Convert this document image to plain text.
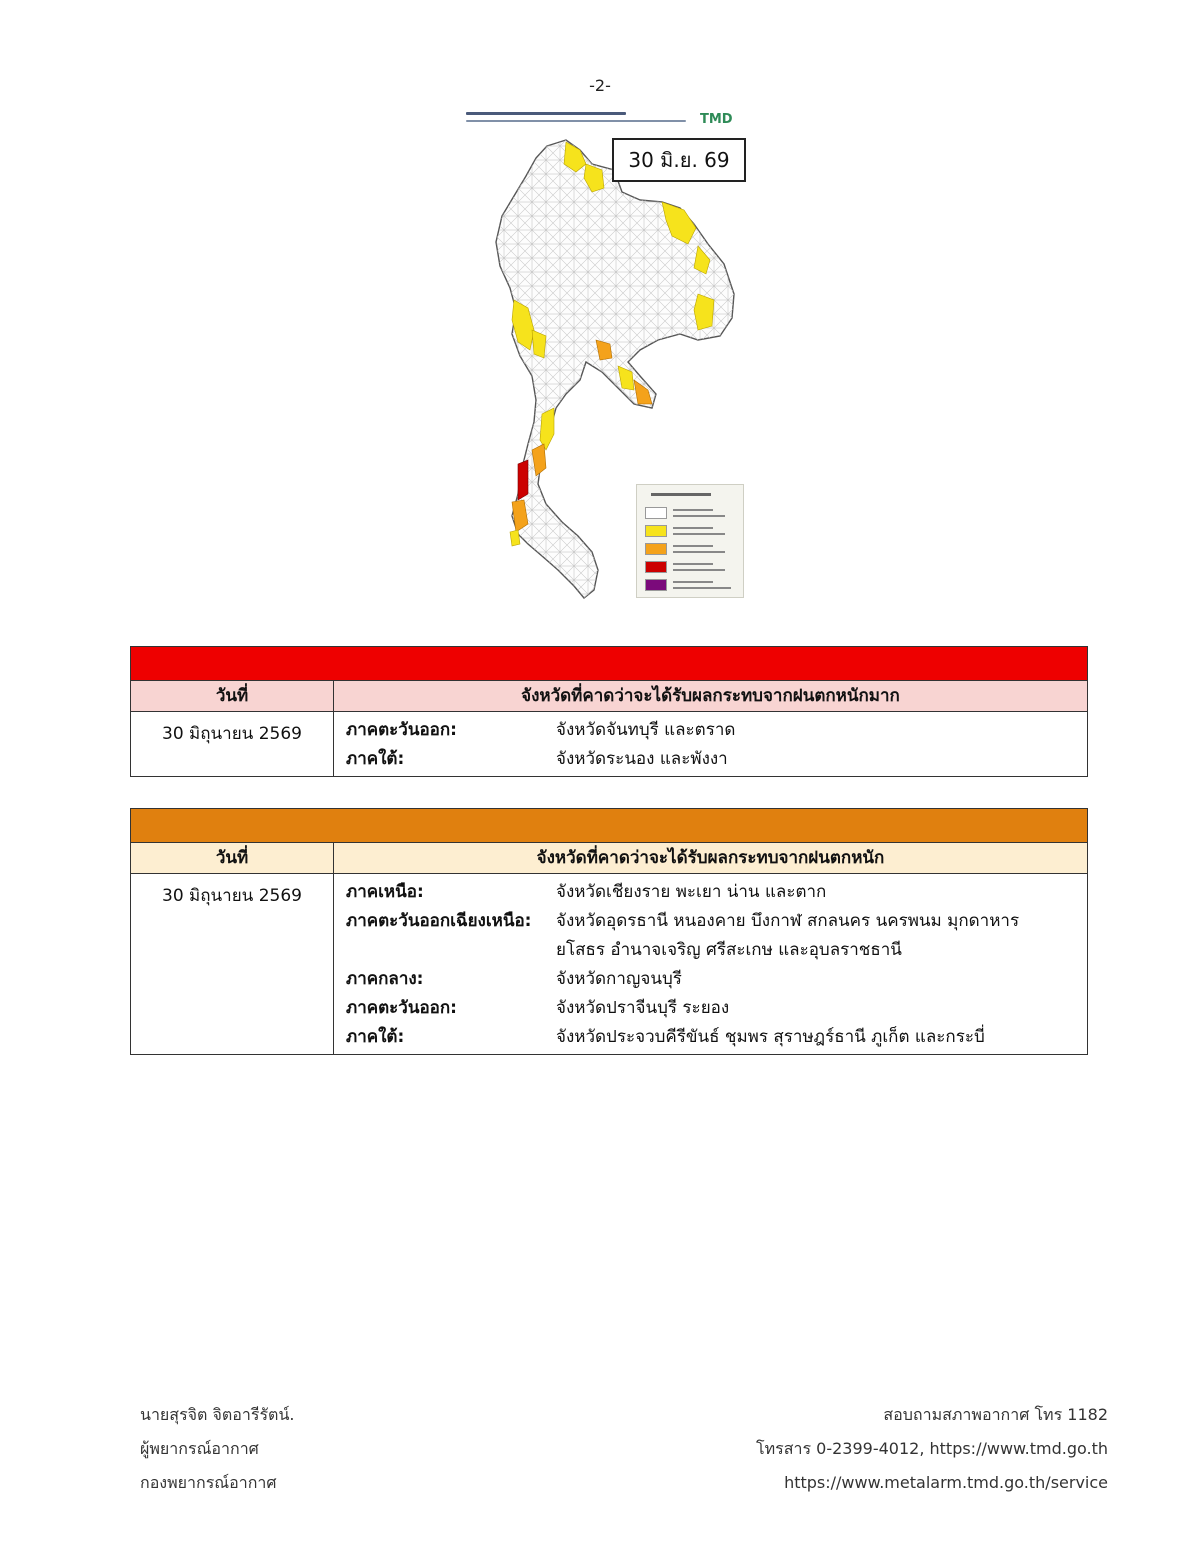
-2-
TMD
30 มิ.ย. 69
วันที่	จังหวัดที่คาดว่าจะได้รับผลกระทบจากฝนตกหนักมาก
30 มิถุนายน 2569	ภาคตะวันออก:	จังหวัดจันทบุรี และตราด
ภาคใต้:	จังหวัดระนอง และพังงา
วันที่	จังหวัดที่คาดว่าจะได้รับผลกระทบจากฝนตกหนัก
30 มิถุนายน 2569	ภาคเหนือ:	จังหวัดเชียงราย พะเยา น่าน และตาก
ภาคตะวันออกเฉียงเหนือ:	จังหวัดอุดรธานี หนองคาย บึงกาฬ สกลนคร นครพนม มุกดาหาร ยโสธร อำนาจเจริญ ศรีสะเกษ และอุบลราชธานี
ภาคกลาง:	จังหวัดกาญจนบุรี
ภาคตะวันออก:	จังหวัดปราจีนบุรี ระยอง
ภาคใต้:	จังหวัดประจวบคีรีขันธ์ ชุมพร สุราษฎร์ธานี ภูเก็ต และกระบี่
นายสุรจิต จิตอารีรัตน์.
ผู้พยากรณ์อากาศ
กองพยากรณ์อากาศ
สอบถามสภาพอากาศ โทร 1182
โทรสาร 0-2399-4012, https://www.tmd.go.th
https://www.metalarm.tmd.go.th/service
